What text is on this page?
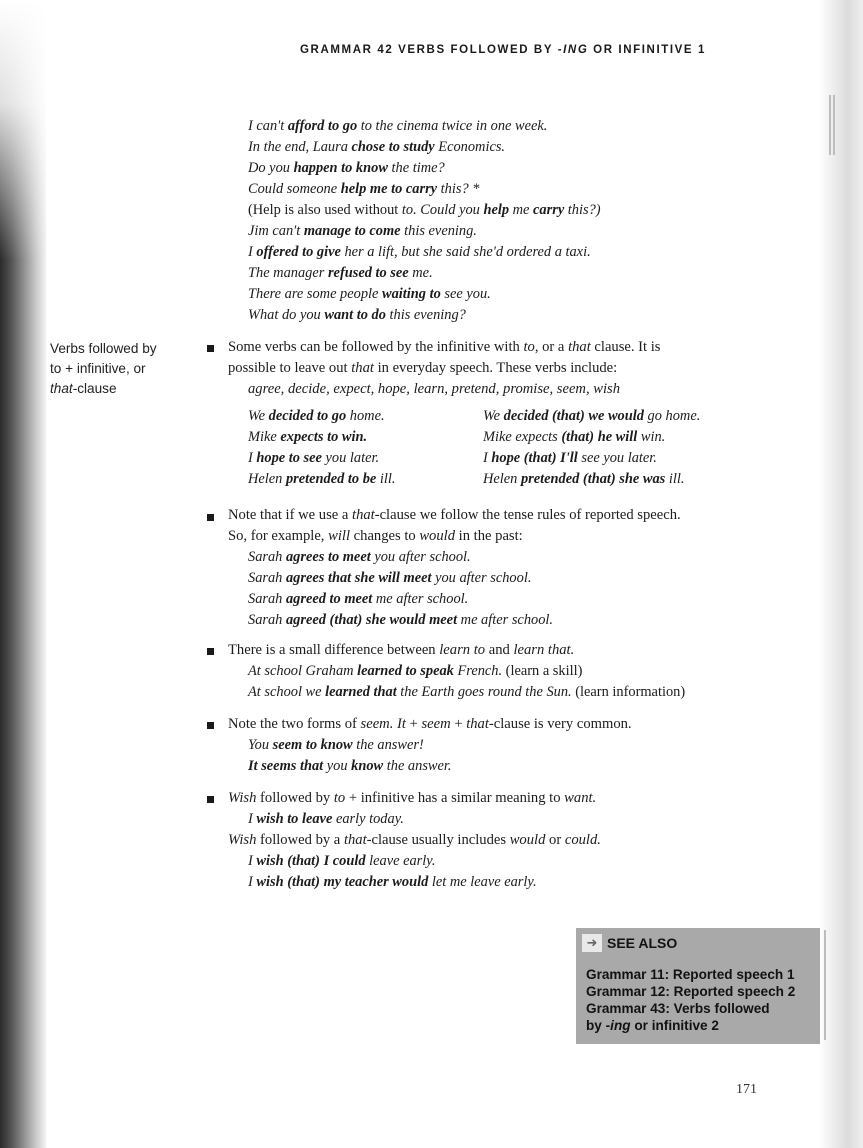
GRAMMAR 42 VERBS FOLLOWED BY -ING OR INFINITIVE 1
I can't afford to go to the cinema twice in one week.
In the end, Laura chose to study Economics.
Do you happen to know the time?
Could someone help me to carry this? *
(Help is also used without to. Could you help me carry this?)
Jim can't manage to come this evening.
I offered to give her a lift, but she said she'd ordered a taxi.
The manager refused to see me.
There are some people waiting to see you.
What do you want to do this evening?
Verbs followed by
to + infinitive, or
that-clause
Some verbs can be followed by the infinitive with to, or a that clause. It is
possible to leave out that in everyday speech. These verbs include:
agree, decide, expect, hope, learn, pretend, promise, seem, wish
We decided to go home.
Mike expects to win.
I hope to see you later.
Helen pretended to be ill.
We decided (that) we would go home.
Mike expects (that) he will win.
I hope (that) I'll see you later.
Helen pretended (that) she was ill.
Note that if we use a that-clause we follow the tense rules of reported speech.
So, for example, will changes to would in the past:
Sarah agrees to meet you after school.
Sarah agrees that she will meet you after school.
Sarah agreed to meet me after school.
Sarah agreed (that) she would meet me after school.
There is a small difference between learn to and learn that.
At school Graham learned to speak French. (learn a skill)
At school we learned that the Earth goes round the Sun. (learn information)
Note the two forms of seem. It + seem + that-clause is very common.
You seem to know the answer!
It seems that you know the answer.
Wish followed by to + infinitive has a similar meaning to want.
I wish to leave early today.
Wish followed by a that-clause usually includes would or could.
I wish (that) I could leave early.
I wish (that) my teacher would let me leave early.
➜ SEE ALSO
Grammar 11: Reported speech 1
Grammar 12: Reported speech 2
Grammar 43: Verbs followed
by -ing or infinitive 2
171
